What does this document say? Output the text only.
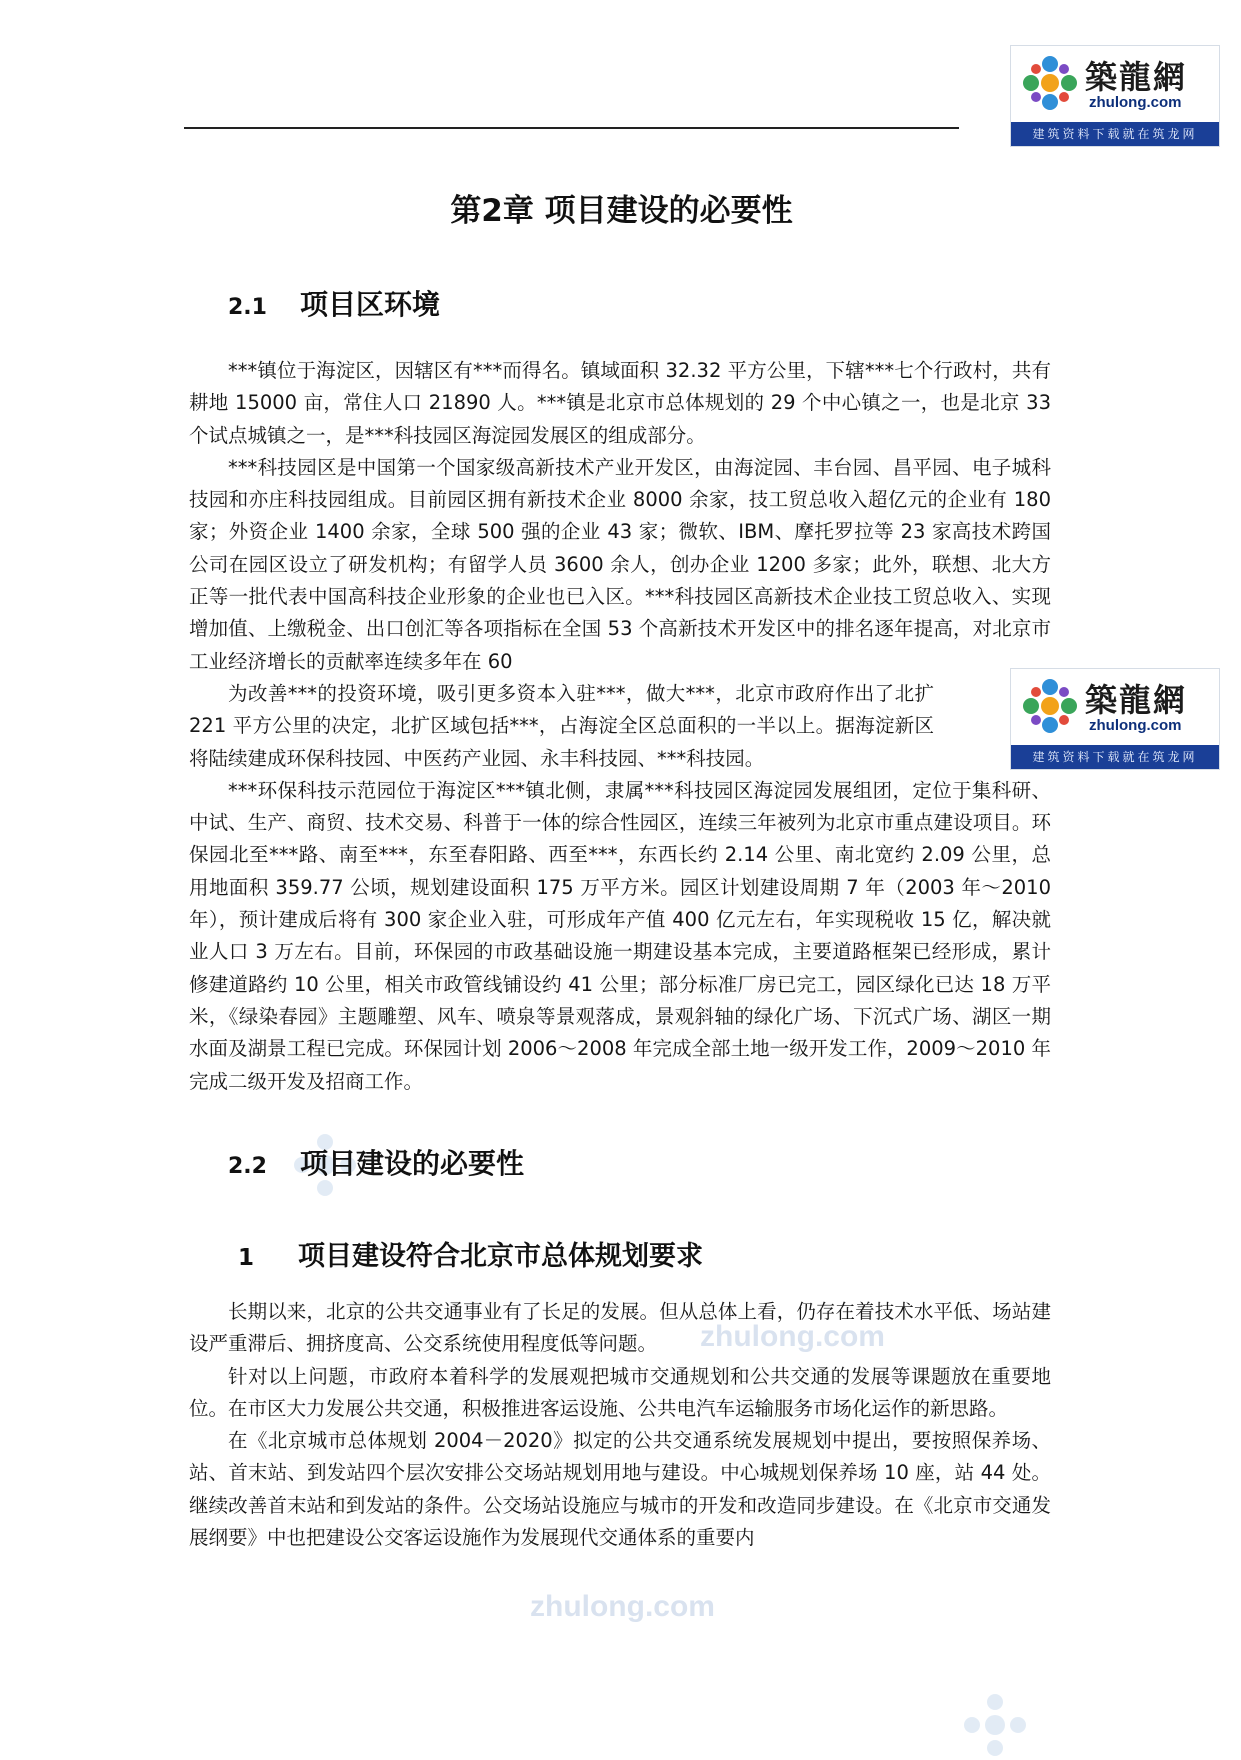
zhulong.com
zhulong.com
築龍網
zhulong.com
建筑资料下载就在筑龙网
築龍網
zhulong.com
建筑资料下载就在筑龙网
第2章 项目建设的必要性
2.1 项目区环境

***镇位于海淀区，因辖区有***而得名。镇域面积 32.32 平方公里，下辖***七个行政村，共有耕地 15000 亩，常住人口 21890 人。***镇是北京市总体规划的 29 个中心镇之一，也是北京 33 个试点城镇之一，是***科技园区海淀园发展区的组成部分。

***科技园区是中国第一个国家级高新技术产业开发区，由海淀园、丰台园、昌平园、电子城科技园和亦庄科技园组成。目前园区拥有新技术企业 8000 余家，技工贸总收入超亿元的企业有 180 家；外资企业 1400 余家，全球 500 强的企业 43 家；微软、IBM、摩托罗拉等 23 家高技术跨国公司在园区设立了研发机构；有留学人员 3600 余人，创办企业 1200 多家；此外，联想、北大方正等一批代表中国高科技企业形象的企业也已入区。***科技园区高新技术企业技工贸总收入、实现增加值、上缴税金、出口创汇等各项指标在全国 53 个高新技术开发区中的排名逐年提高，对北京市工业经济增长的贡献率连续多年在 60

为改善***的投资环境，吸引更多资本入驻***，做大***，北京市政府作出了北扩 221 平方公里的决定，北扩区域包括***，占海淀全区总面积的一半以上。据海淀新区将陆续建成环保科技园、中医药产业园、永丰科技园、***科技园。

***环保科技示范园位于海淀区***镇北侧，隶属***科技园区海淀园发展组团，定位于集科研、中试、生产、商贸、技术交易、科普于一体的综合性园区，连续三年被列为北京市重点建设项目。环保园北至***路、南至***，东至春阳路、西至***，东西长约 2.14 公里、南北宽约 2.09 公里，总用地面积 359.77 公顷，规划建设面积 175 万平方米。园区计划建设周期 7 年（2003 年～2010 年），预计建成后将有 300 家企业入驻，可形成年产值 400 亿元左右，年实现税收 15 亿，解决就业人口 3 万左右。目前，环保园的市政基础设施一期建设基本完成，主要道路框架已经形成，累计修建道路约 10 公里，相关市政管线铺设约 41 公里；部分标准厂房已完工，园区绿化已达 18 万平米，《绿染春园》主题雕塑、风车、喷泉等景观落成，景观斜轴的绿化广场、下沉式广场、湖区一期水面及湖景工程已完成。环保园计划 2006～2008 年完成全部土地一级开发工作，2009～2010 年完成二级开发及招商工作。

2.2 项目建设的必要性
1 项目建设符合北京市总体规划要求

长期以来，北京的公共交通事业有了长足的发展。但从总体上看，仍存在着技术水平低、场站建设严重滞后、拥挤度高、公交系统使用程度低等问题。

针对以上问题，市政府本着科学的发展观把城市交通规划和公共交通的发展等课题放在重要地位。在市区大力发展公共交通，积极推进客运设施、公共电汽车运输服务市场化运作的新思路。

在《北京城市总体规划 2004－2020》拟定的公共交通系统发展规划中提出，要按照保养场、站、首末站、到发站四个层次安排公交场站规划用地与建设。中心城规划保养场 10 座，站 44 处。继续改善首末站和到发站的条件。公交场站设施应与城市的开发和改造同步建设。在《北京市交通发展纲要》中也把建设公交客运设施作为发展现代交通体系的重要内
